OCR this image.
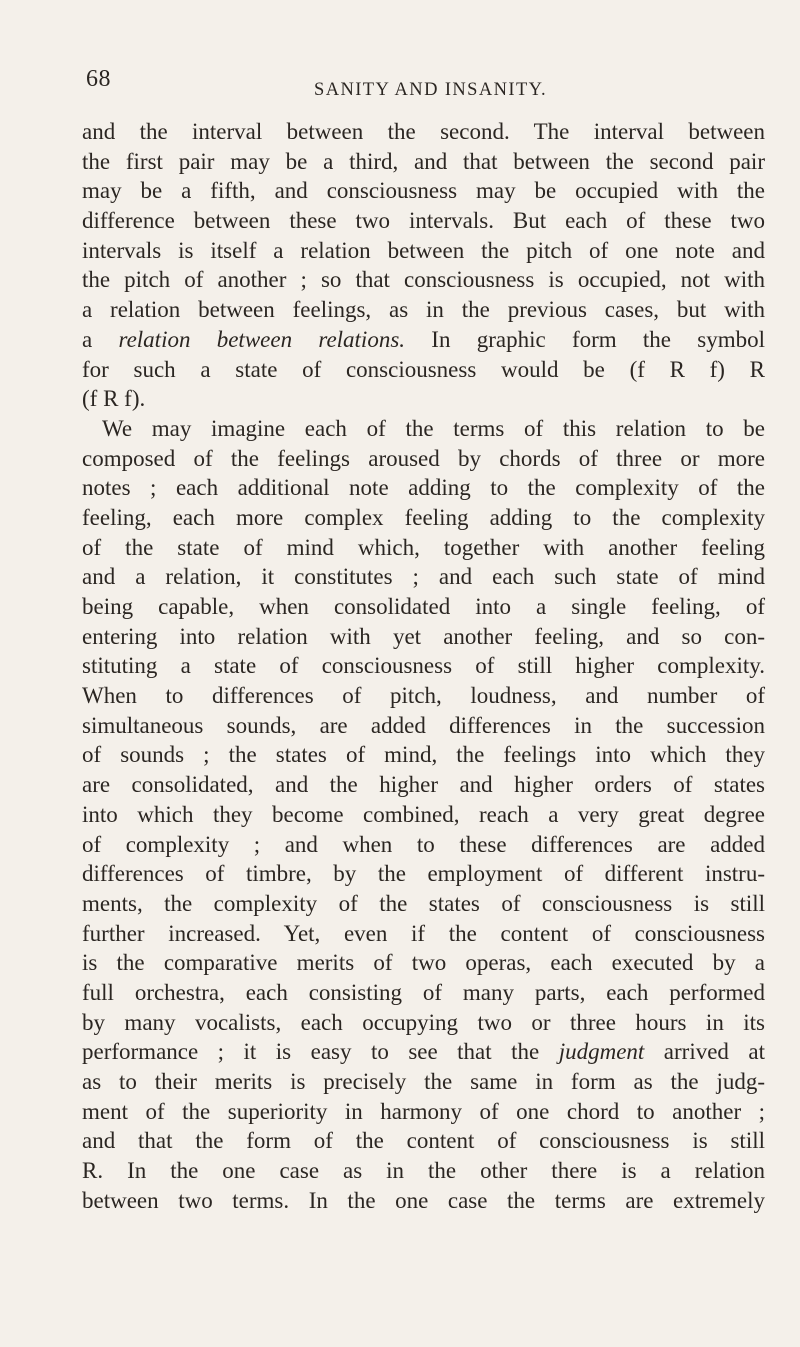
68	SANITY AND INSANITY.
and the interval between the second. The interval between
the first pair may be a third, and that between the second pair
may be a fifth, and consciousness may be occupied with the
difference between these two intervals. But each of these two
intervals is itself a relation between the pitch of one note and
the pitch of another ; so that consciousness is occupied, not with
a relation between feelings, as in the previous cases, but with
a relation between relations. In graphic form the symbol
for such a state of consciousness would be (f R f) R
(f R f).
We may imagine each of the terms of this relation to be
composed of the feelings aroused by chords of three or more
notes ; each additional note adding to the complexity of the
feeling, each more complex feeling adding to the complexity
of the state of mind which, together with another feeling
and a relation, it constitutes ; and each such state of mind
being capable, when consolidated into a single feeling, of
entering into relation with yet another feeling, and so con-
stituting a state of consciousness of still higher complexity.
When to differences of pitch, loudness, and number of
simultaneous sounds, are added differences in the succession
of sounds ; the states of mind, the feelings into which they
are consolidated, and the higher and higher orders of states
into which they become combined, reach a very great degree
of complexity ; and when to these differences are added
differences of timbre, by the employment of different instru-
ments, the complexity of the states of consciousness is still
further increased. Yet, even if the content of consciousness
is the comparative merits of two operas, each executed by a
full orchestra, each consisting of many parts, each performed
by many vocalists, each occupying two or three hours in its
performance ; it is easy to see that the judgment arrived at
as to their merits is precisely the same in form as the judg-
ment of the superiority in harmony of one chord to another ;
and that the form of the content of consciousness is still
R. In the one case as in the other there is a relation
between two terms. In the one case the terms are extremely
